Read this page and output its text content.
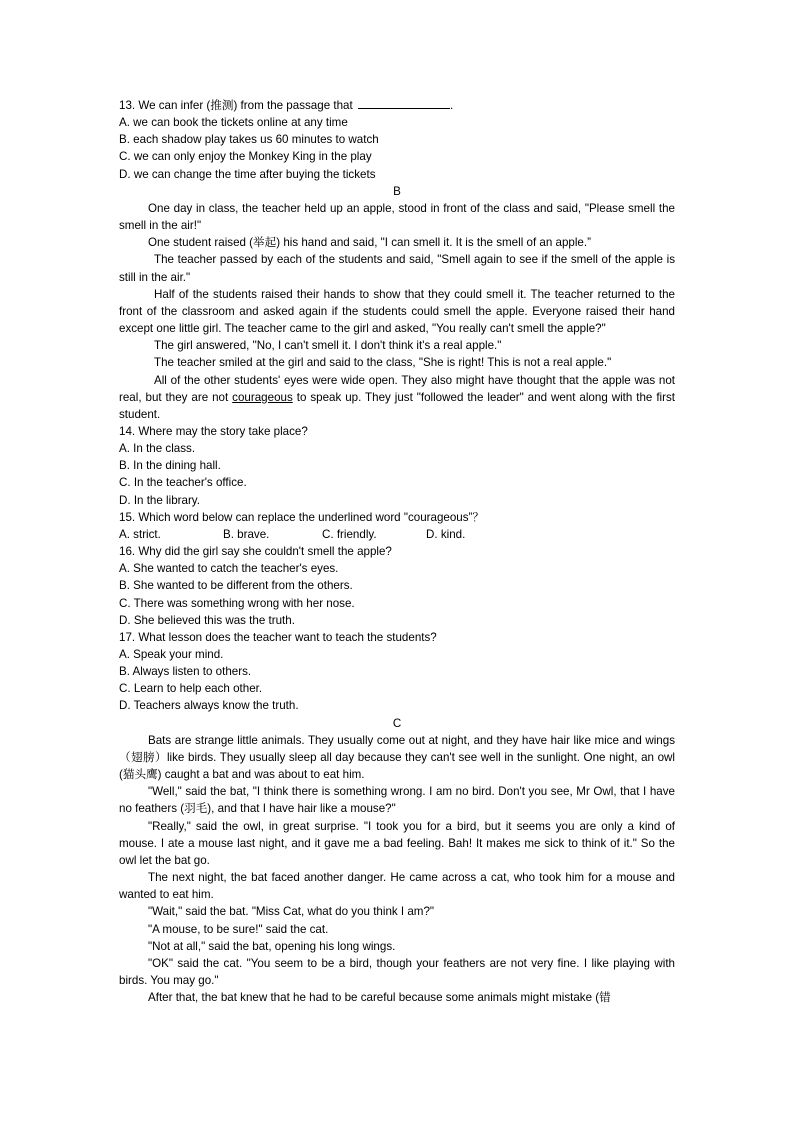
13. We can infer (推测) from the passage that	.
A. we can book the tickets online at any time
B. each shadow play takes us 60 minutes to watch
C. we can only enjoy the Monkey King in the play
D. we can change the time after buying the tickets
B
One day in class, the teacher held up an apple, stood in front of the class and said, "Please smell the smell in the air!"
One student raised (举起) his hand and said, "I can smell it. It is the smell of an apple.”
The teacher passed by each of the students and said, "Smell again to see if the smell of the apple is still in the air."
Half of the students raised their hands to show that they could smell it. The teacher returned to the front of the classroom and asked again if the students could smell the apple. Everyone raised their hand except one little girl. The teacher came to the girl and asked, "You really can't smell the apple?"
The girl answered, "No, I can't smell it. I don't think it's a real apple."
The teacher smiled at the girl and said to the class, "She is right! This is not a real apple."
All of the other students' eyes were wide open. They also might have thought that the apple was not real, but they are not courageous to speak up. They just "followed the leader" and went along with the first student.
14. Where may the story take place?
A. In the class.
B. In the dining hall.
C. In the teacher's office.
D. In the library.
15. Which word below can replace the underlined word "courageous”？
A. strict.	B. brave.	C. friendly.	D. kind.
16. Why did the girl say she couldn't smell the apple?
A. She wanted to catch the teacher's eyes.
B. She wanted to be different from the others.
C. There was something wrong with her nose.
D. She believed this was the truth.
17. What lesson does the teacher want to teach the students?
A. Speak your mind.
B. Always listen to others.
C. Learn to help each other.
D. Teachers always know the truth.
C
Bats are strange little animals. They usually come out at night, and they have hair like mice and wings（翅膀）like birds. They usually sleep all day because they can't see well in the sunlight. One night, an owl (猫头鹰) caught a bat and was about to eat him.
"Well," said the bat, "I think there is something wrong. I am no bird. Don't you see, Mr Owl, that I have no feathers (羽毛), and that I have hair like a mouse?"
"Really," said the owl, in great surprise. "I took you for a bird, but it seems you are only a kind of mouse. I ate a mouse last night, and it gave me a bad feeling. Bah! It makes me sick to think of it." So the owl let the bat go.
The next night, the bat faced another danger. He came across a cat, who took him for a mouse and wanted to eat him.
"Wait," said the bat. "Miss Cat, what do you think I am?"
"A mouse, to be sure!" said the cat.
"Not at all," said the bat, opening his long wings.
"OK" said the cat. "You seem to be a bird, though your feathers are not very fine. I like playing with birds. You may go."
After that, the bat knew that he had to be careful because some animals might mistake (错
